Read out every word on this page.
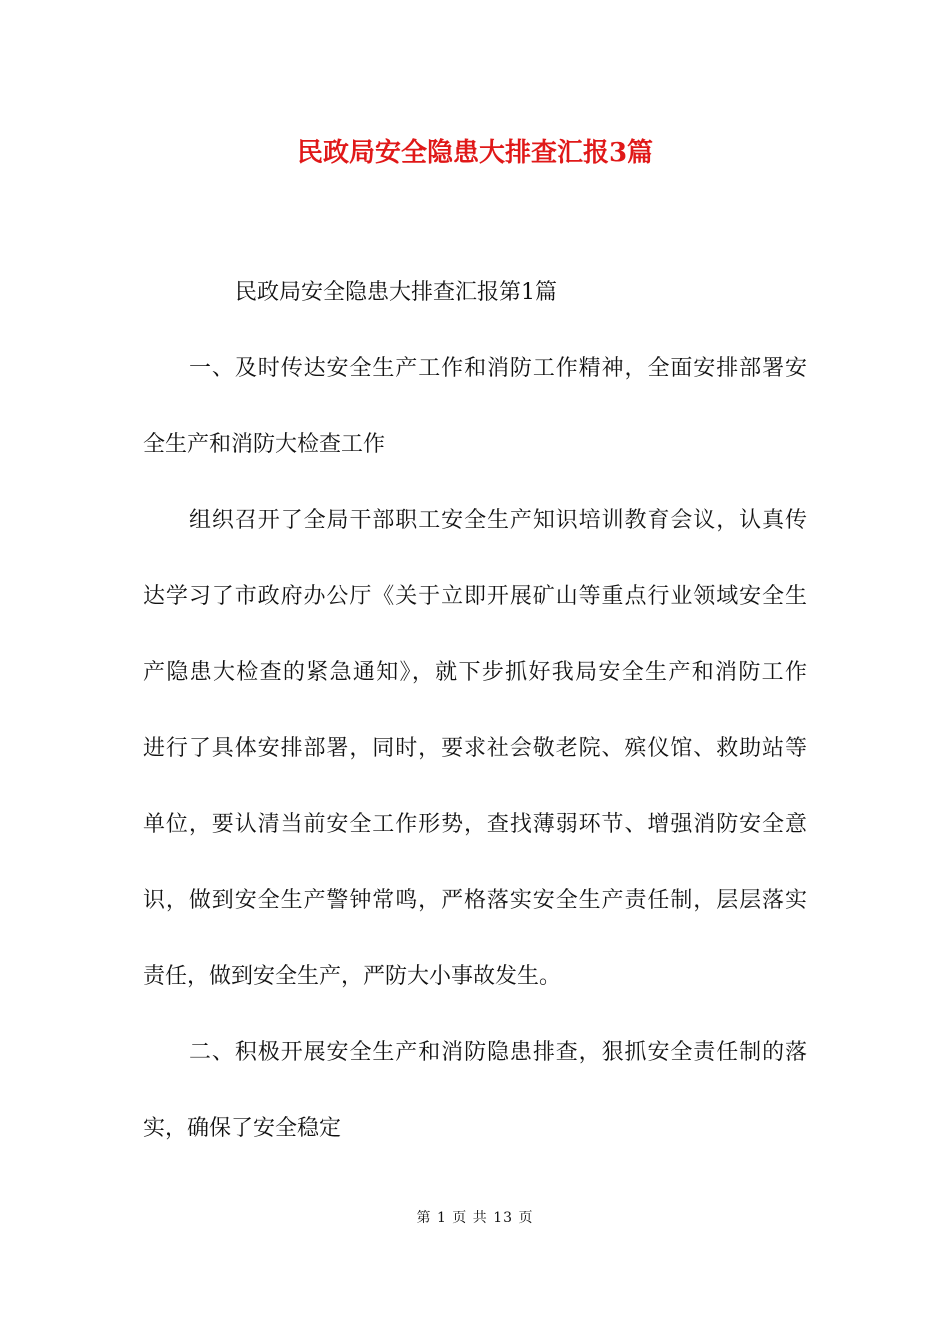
民政局安全隐患大排查汇报3篇

民政局安全隐患大排查汇报第1篇

一、及时传达安全生产工作和消防工作精神，全面安排部署安
全生产和消防大检查工作
组织召开了全局干部职工安全生产知识培训教育会议，认真传
达学习了市政府办公厅《关于立即开展矿山等重点行业领域安全生
产隐患大检查的紧急通知》，就下步抓好我局安全生产和消防工作
进行了具体安排部署，同时，要求社会敬老院、殡仪馆、救助站等
单位，要认清当前安全工作形势，查找薄弱环节、增强消防安全意
识，做到安全生产警钟常鸣，严格落实安全生产责任制，层层落实
责任，做到安全生产，严防大小事故发生。
二、积极开展安全生产和消防隐患排查，狠抓安全责任制的落
实，确保了安全稳定
第 1 页 共 13 页
